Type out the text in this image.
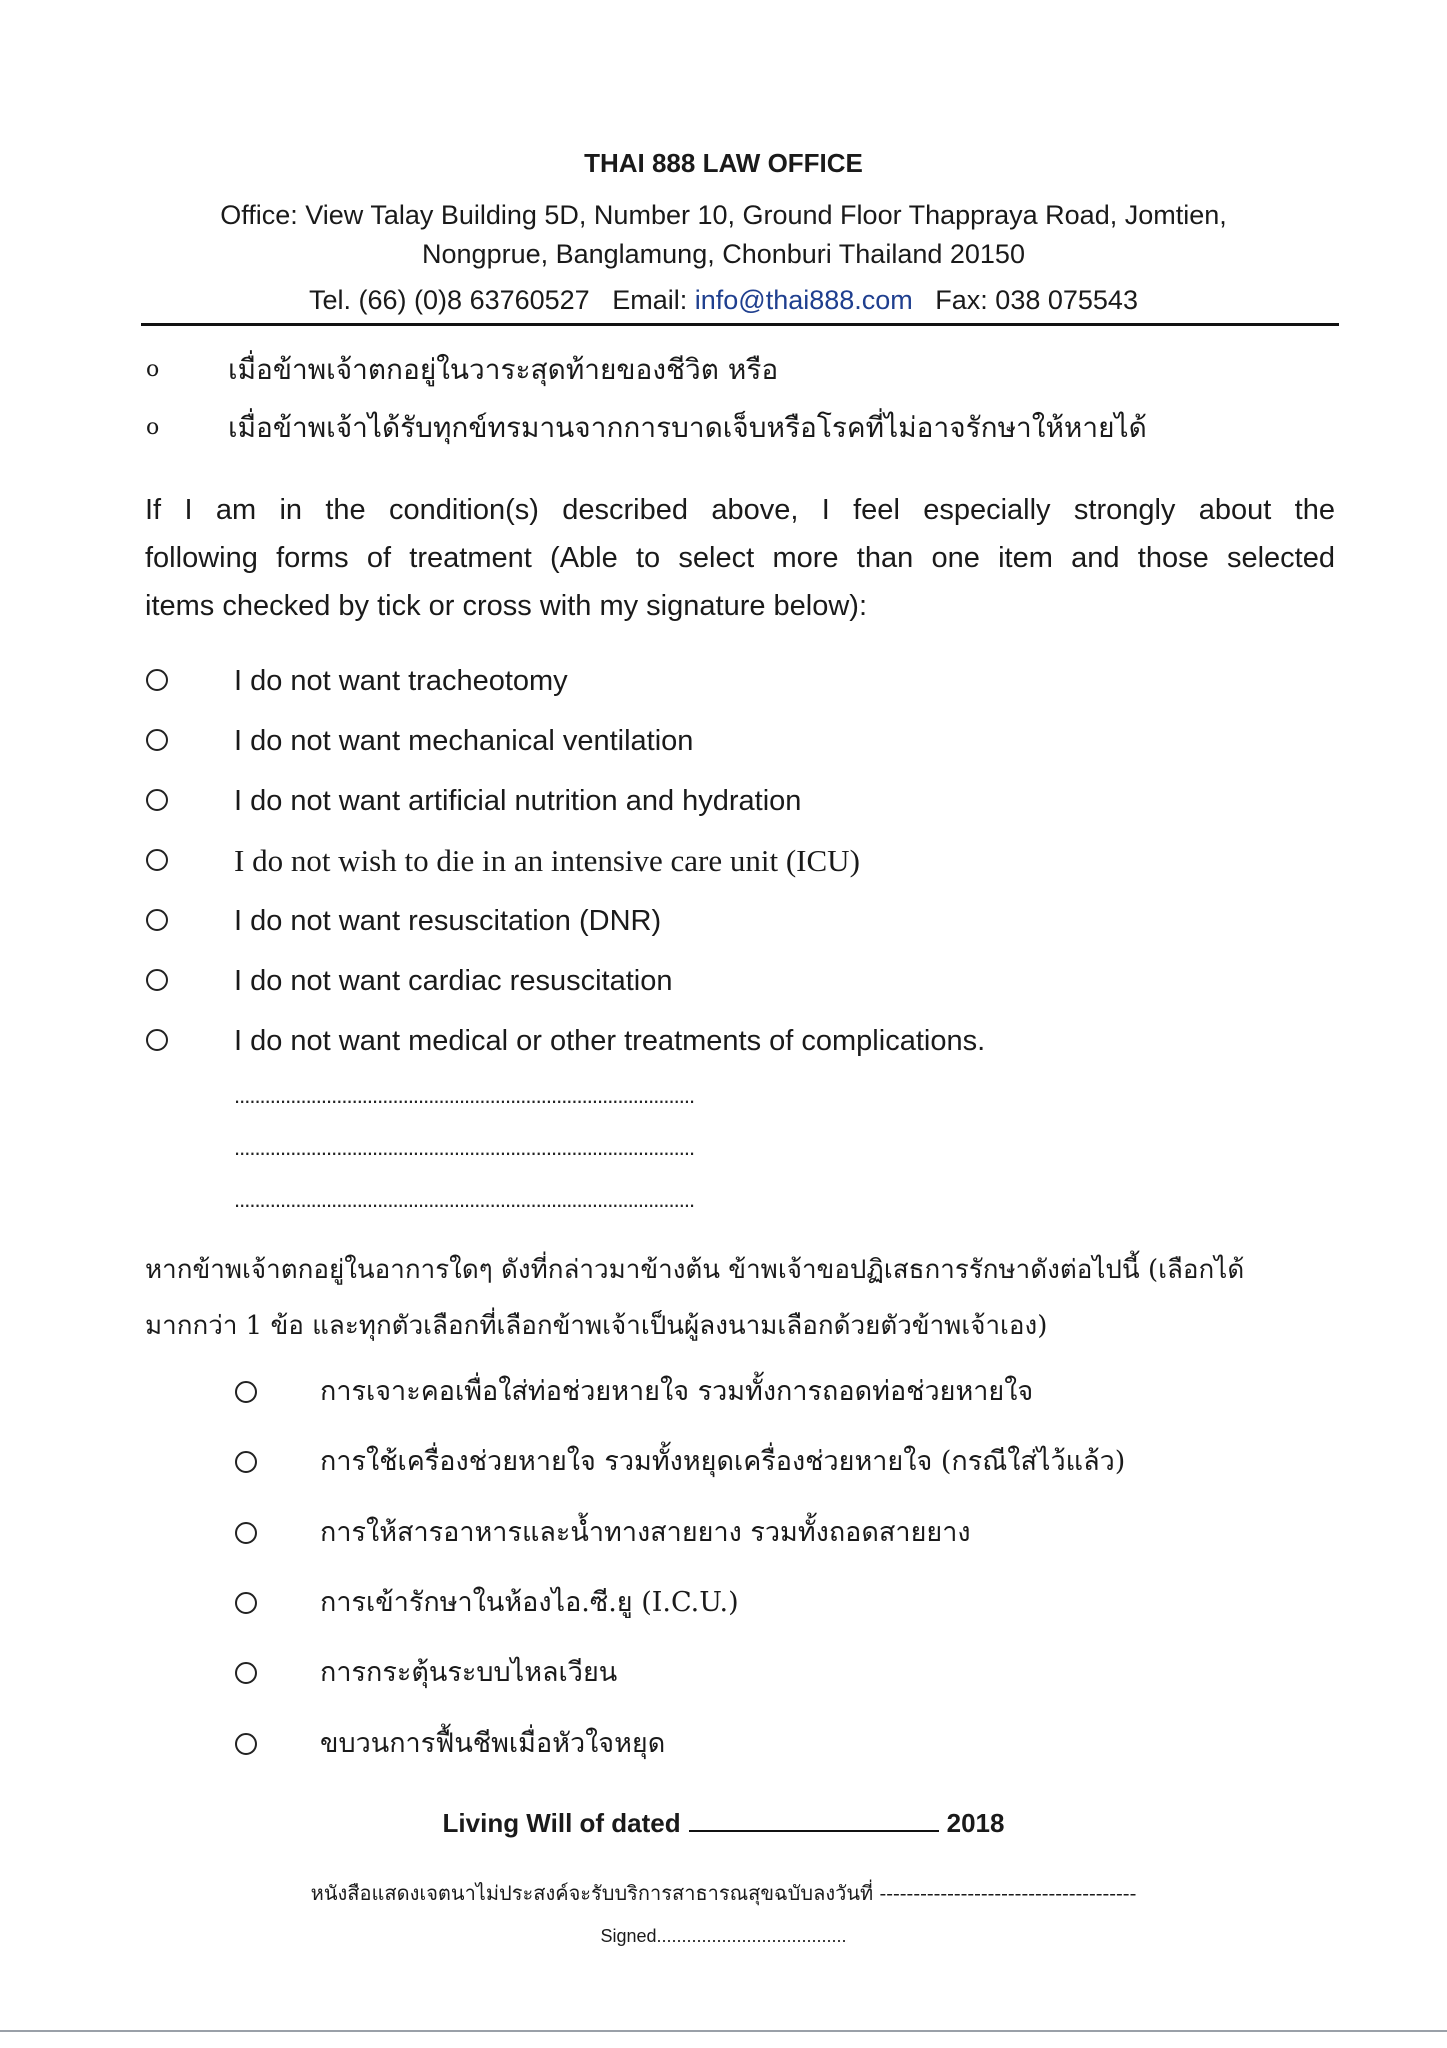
THAI 888 LAW OFFICE
Office: View Talay Building 5D, Number 10, Ground Floor Thappraya Road, Jomtien,
Nongprue, Banglamung, Chonburi Thailand 20150
Tel. (66) (0)8 63760527 Email: info@thai888.com Fax: 038 075543
o เมื่อข้าพเจ้าตกอยู่ในวาระสุดท้ายของชีวิต หรือ
o เมื่อข้าพเจ้าได้รับทุกข์ทรมานจากการบาดเจ็บหรือโรคที่ไม่อาจรักษาให้หายได้
If I am in the condition(s) described above, I feel especially strongly about the
following forms of treatment (Able to select more than one item and those selected
items checked by tick or cross with my signature below):
I do not want tracheotomy
I do not want mechanical ventilation
I do not want artificial nutrition and hydration
I do not wish to die in an intensive care unit (ICU)
I do not want resuscitation (DNR)
I do not want cardiac resuscitation
I do not want medical or other treatments of complications.
..........................................................................................
..........................................................................................
..........................................................................................
หากข้าพเจ้าตกอยู่ในอาการใดๆ ดังที่กล่าวมาข้างต้น ข้าพเจ้าขอปฏิเสธการรักษาดังต่อไปนี้ (เลือกได้
มากกว่า 1 ข้อ และทุกตัวเลือกที่เลือกข้าพเจ้าเป็นผู้ลงนามเลือกด้วยตัวข้าพเจ้าเอง)
การเจาะคอเพื่อใส่ท่อช่วยหายใจ รวมทั้งการถอดท่อช่วยหายใจ
การใช้เครื่องช่วยหายใจ รวมทั้งหยุดเครื่องช่วยหายใจ (กรณีใส่ไว้แล้ว)
การให้สารอาหารและน้ำทางสายยาง รวมทั้งถอดสายยาง
การเข้ารักษาในห้องไอ.ซี.ยู (I.C.U.)
การกระตุ้นระบบไหลเวียน
ขบวนการฟื้นชีพเมื่อหัวใจหยุด
Living Will of dated	2018
หนังสือแสดงเจตนาไม่ประสงค์จะรับบริการสาธารณสุขฉบับลงวันที่ --------------------------------------
Signed......................................
